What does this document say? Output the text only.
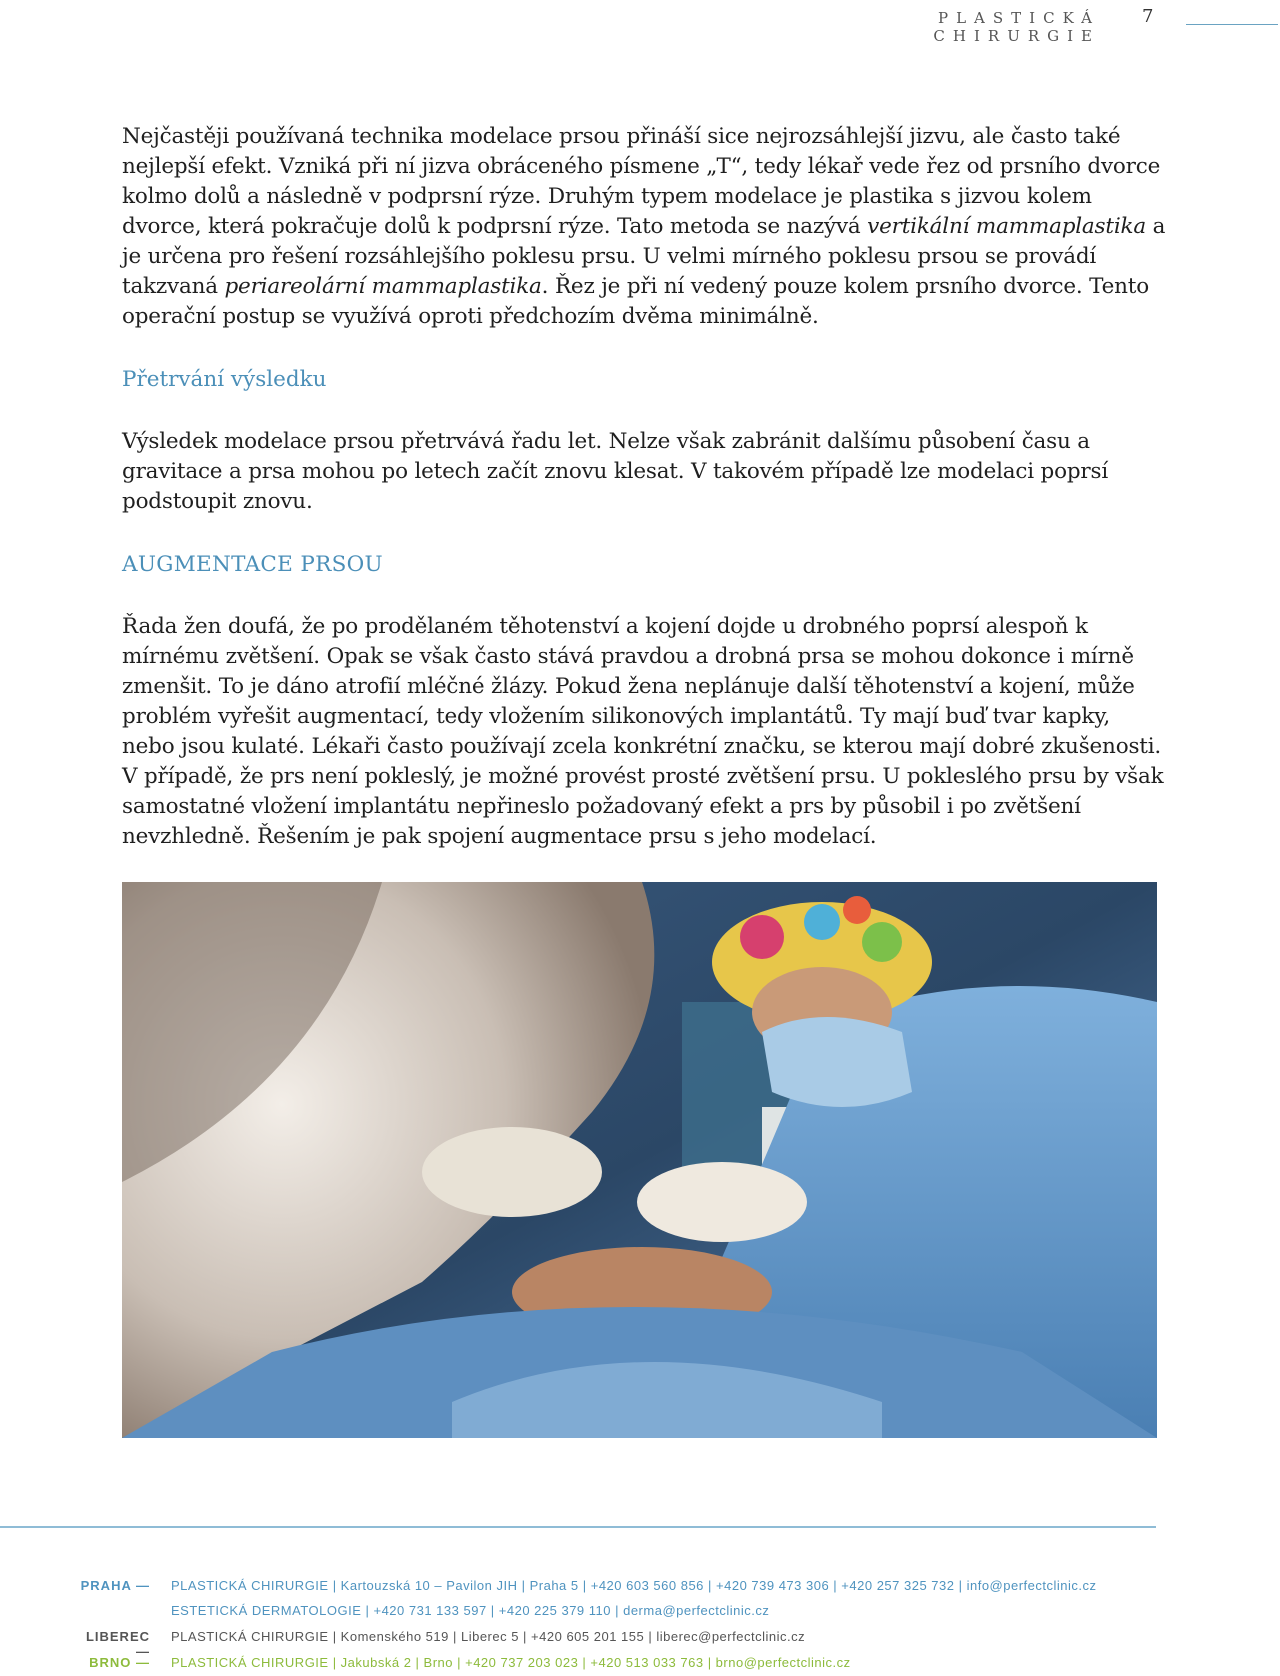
PLASTICKÁ CHIRURGIE
7

Nejčastěji používaná technika modelace prsou přináší sice nejrozsáhlejší jizvu, ale často také nejlepší efekt. Vzniká při ní jizva obráceného písmene „T“, tedy lékař vede řez od prsního dvorce kolmo dolů a následně v podprsní rýze. Druhým typem modelace je plastika s jizvou kolem dvorce, která pokračuje dolů k podprsní rýze. Tato metoda se nazývá vertikální mammaplastika a je určena pro řešení rozsáhlejšího poklesu prsu. U velmi mírného poklesu prsou se provádí takzvaná periareolární mammaplastika. Řez je při ní vedený pouze kolem prsního dvorce. Tento operační postup se využívá oproti předchozím dvěma minimálně.

Přetrvání výsledku

Výsledek modelace prsou přetrvává řadu let. Nelze však zabránit dalšímu působení času a gravitace a prsa mohou po letech začít znovu klesat. V takovém případě lze modelaci poprsí podstoupit znovu.

AUGMENTACE PRSOU

Řada žen doufá, že po prodělaném těhotenství a kojení dojde u drobného poprsí alespoň k mírnému zvětšení. Opak se však často stává pravdou a drobná prsa se mohou dokonce i mírně zmenšit. To je dáno atrofií mléčné žlázy. Pokud žena neplánuje další těhotenství a kojení, může problém vyřešit augmentací, tedy vložením silikonových implantátů. Ty mají buď tvar kapky, nebo jsou kulaté. Lékaři často používají zcela konkrétní značku, se kterou mají dobré zkušenosti. V případě, že prs není pokleslý, je možné provést prosté zvětšení prsu. U pokleslého prsu by však samostatné vložení implantátu nepřineslo požadovaný efekt a prs by působil i po zvětšení nevzhledně. Řešením je pak spojení augmentace prsu s jeho modelací.

PRAHA — PLASTICKÁ CHIRURGIE | Kartouzská 10 – Pavilon JIH | Praha 5 | +420 603 560 856 | +420 739 473 306 | +420 257 325 732 | info@perfectclinic.cz
ESTETICKÁ DERMATOLOGIE | +420 731 133 597 | +420 225 379 110 | derma@perfectclinic.cz
LIBEREC —
PLASTICKÁ CHIRURGIE | Komenského 519 | Liberec 5 | +420 605 201 155 | liberec@perfectclinic.cz
BRNO — PLASTICKÁ CHIRURGIE | Jakubská 2 | Brno | +420 737 203 023 | +420 513 033 763 | brno@perfectclinic.cz
